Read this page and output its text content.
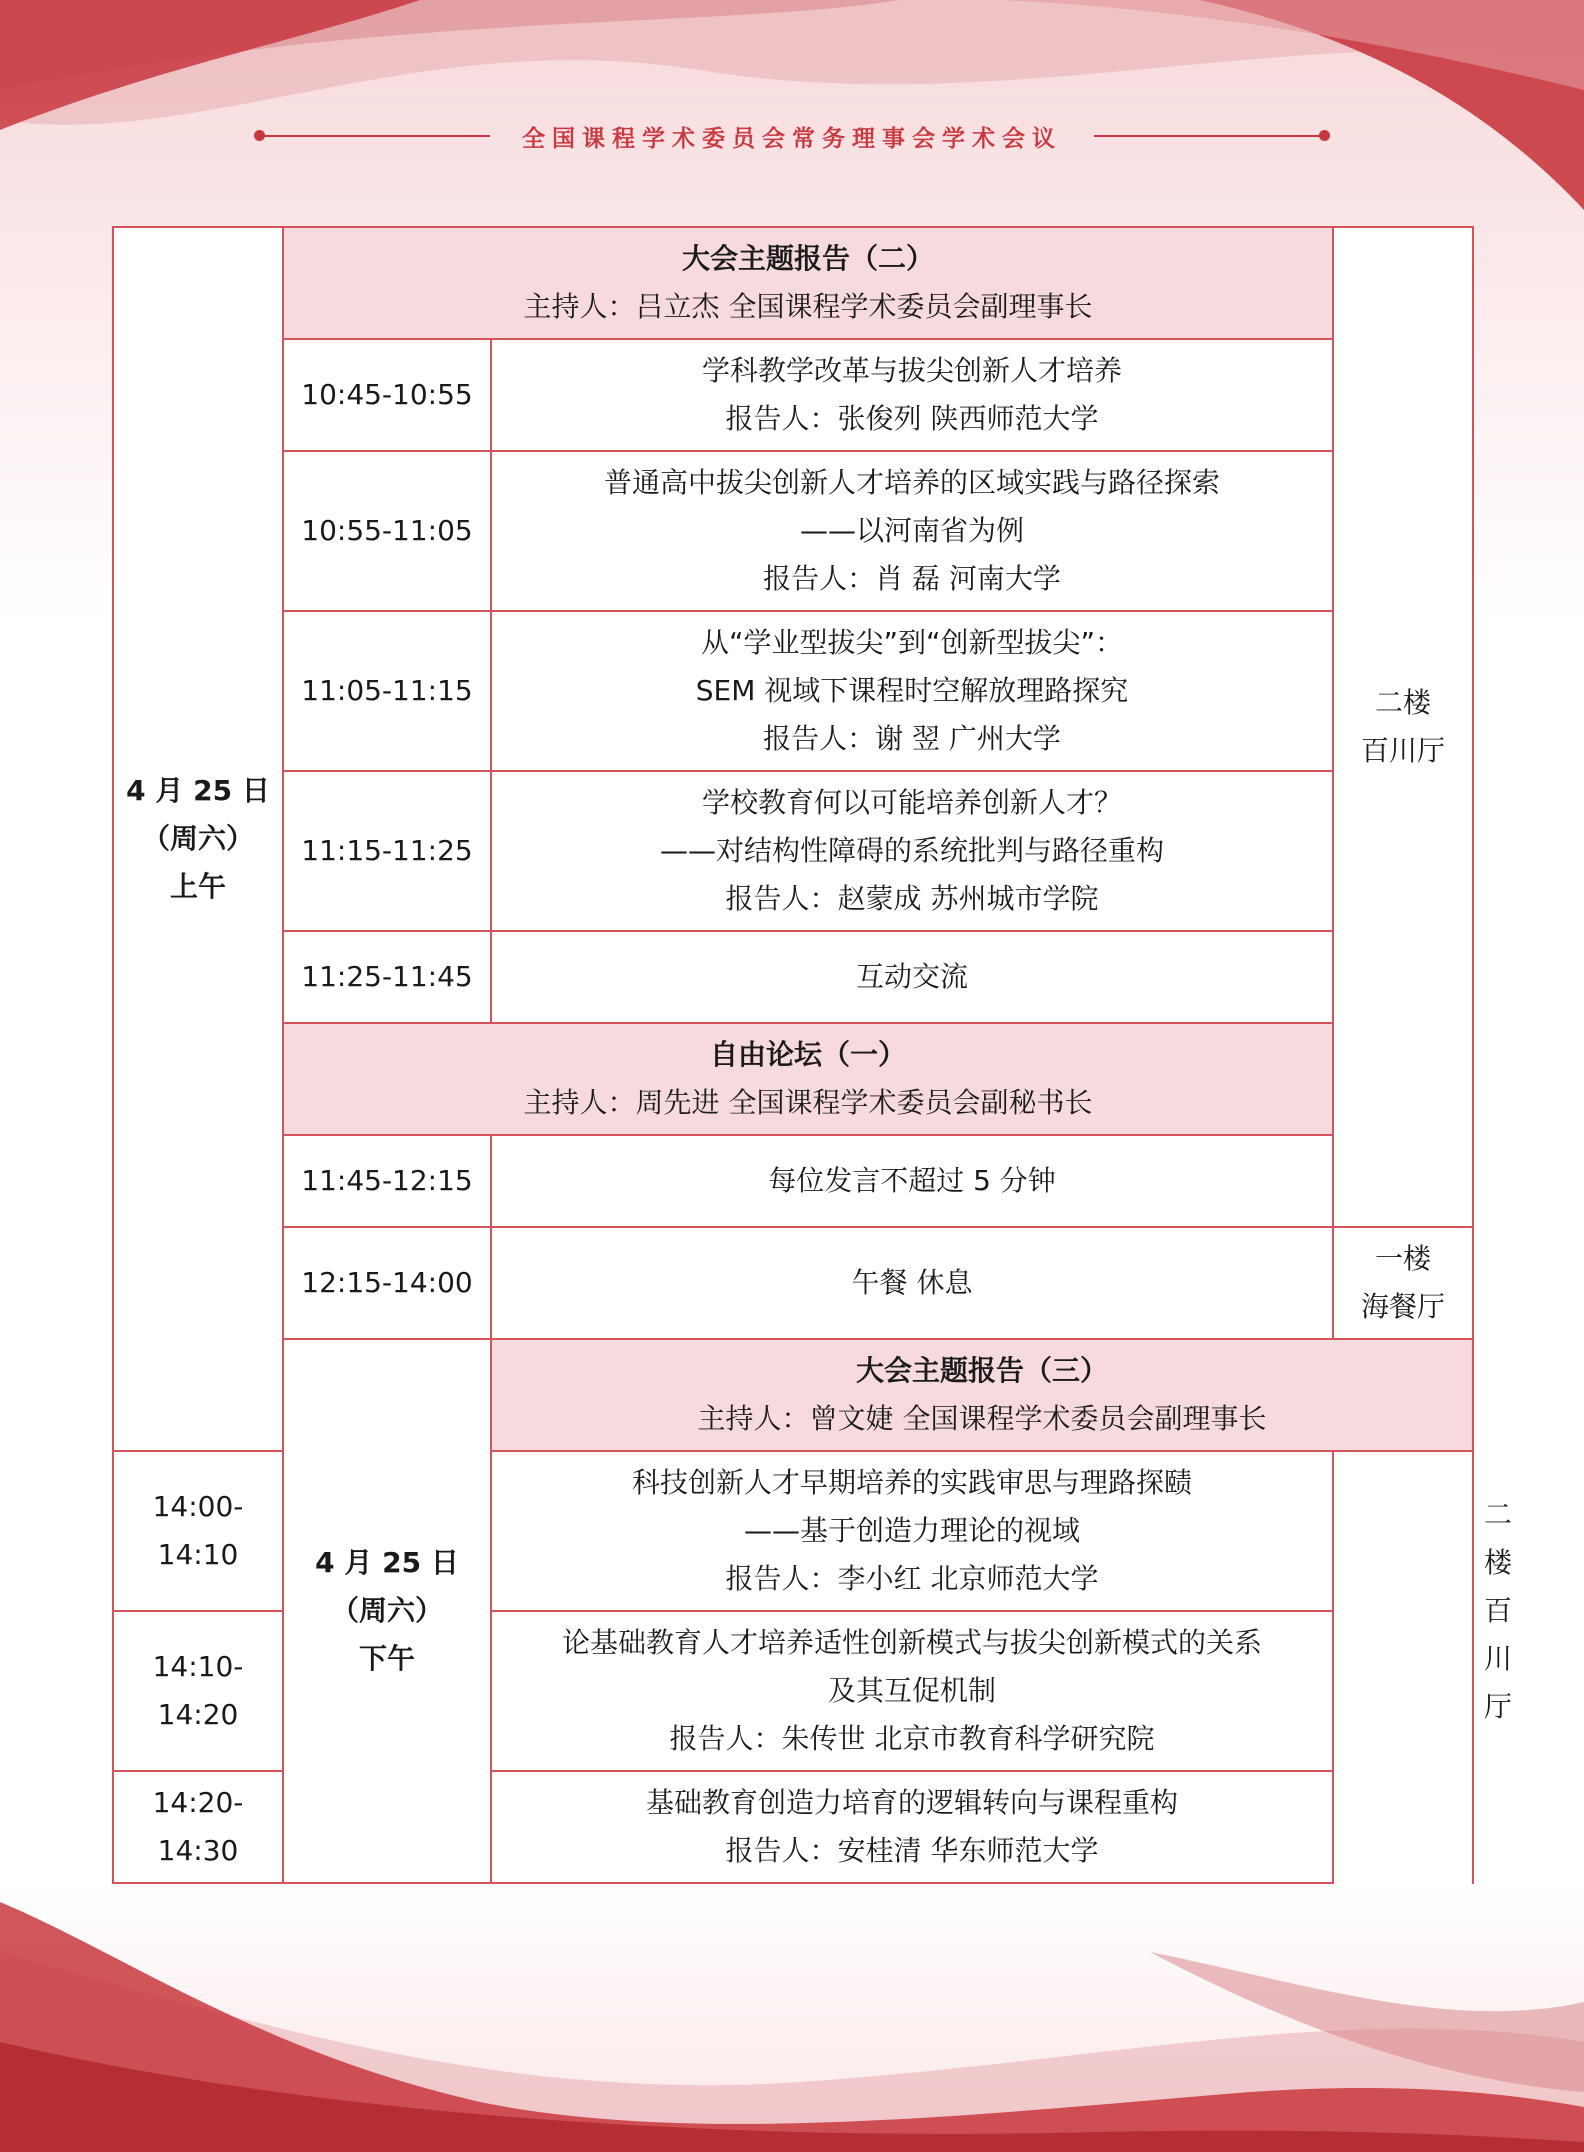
全国课程学术委员会常务理事会学术会议
4 月 25 日
（周六）
上午	大会主题报告（二）
主持人：吕立杰 全国课程学术委员会副理事长		二楼
百川厅	

	10:45-10:55	学科教学改革与拔尖创新人才培养
报告人：张俊列 陕西师范大学		

	10:55-11:05	普通高中拔尖创新人才培养的区域实践与路径探索
——以河南省为例
报告人：肖 磊 河南大学		

	11:05-11:15	从“学业型拔尖”到“创新型拔尖”：
SEM 视域下课程时空解放理路探究
报告人：谢 翌 广州大学		

	11:15-11:25	学校教育何以可能培养创新人才？
——对结构性障碍的系统批判与路径重构
报告人：赵蒙成 苏州城市学院		

	11:25-11:45	互动交流		

	自由论坛（一）
主持人：周先进 全国课程学术委员会副秘书长			

	11:45-12:15	每位发言不超过 5 分钟		

	12:15-14:00	午餐 休息	一楼
海餐厅	

	4 月 25 日
（周六）
下午	大会主题报告（三）
主持人：曾文婕 全国课程学术委员会副理事长		二楼
百川厅

14:00-14:10		科技创新人才早期培养的实践审思与理路探赜
——基于创造力理论的视域
报告人：李小红 北京师范大学		

14:10-14:20		论基础教育人才培养适性创新模式与拔尖创新模式的关系
及其互促机制
报告人：朱传世 北京市教育科学研究院		

14:20-14:30		基础教育创造力培育的逻辑转向与课程重构
报告人：安桂清 华东师范大学		
